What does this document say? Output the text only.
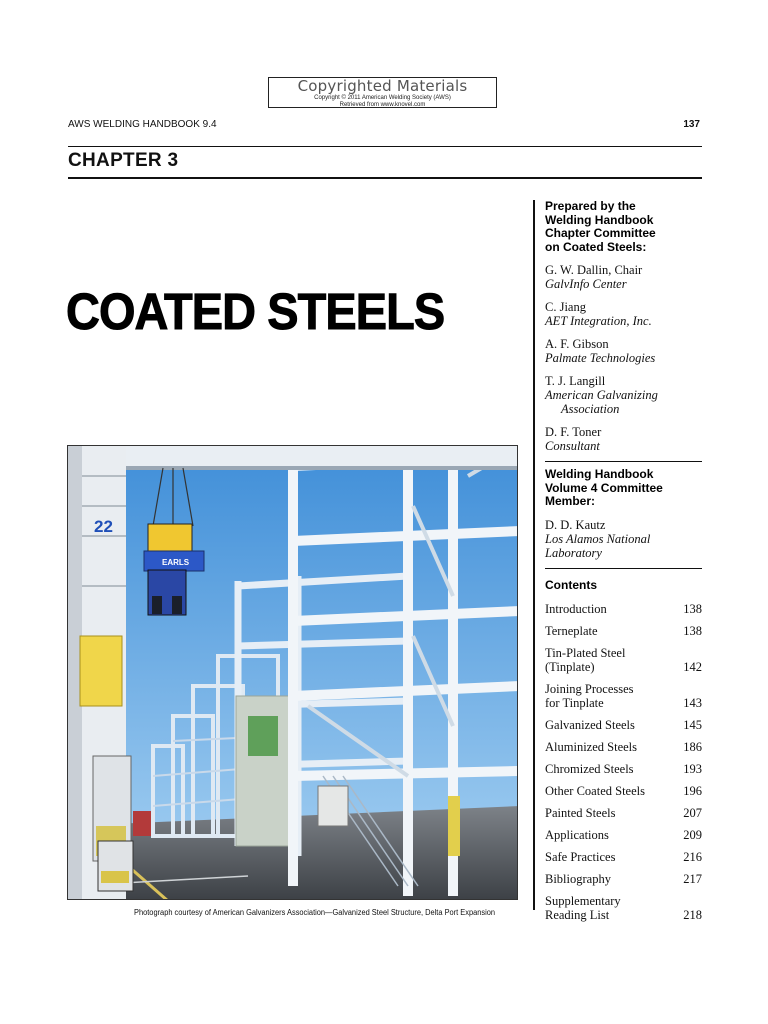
Copyrighted Materials
Copyright © 2011 American Welding Society (AWS)
Retrieved from www.knovel.com
AWS WELDING HANDBOOK 9.4	137
CHAPTER 3
COATED STEELS
Prepared by the
Welding Handbook
Chapter Committee
on Coated Steels:
G. W. Dallin, Chair
GalvInfo Center
C. Jiang
AET Integration, Inc.
A. F. Gibson
Palmate Technologies
T. J. Langill
American Galvanizing
Association
D. F. Toner
Consultant
Welding Handbook
Volume 4 Committee
Member:
D. D. Kautz
Los Alamos National
Laboratory
Contents
Introduction	138
Terneplate	138
Tin-Plated Steel (Tinplate)	142
Joining Processes for Tinplate	143
Galvanized Steels	145
Aluminized Steels	186
Chromized Steels	193
Other Coated Steels	196
Painted Steels	207
Applications	209
Safe Practices	216
Bibliography	217
Supplementary Reading List	218
22
EARLS
Photograph courtesy of American Galvanizers Association—Galvanized Steel Structure, Delta Port Expansion
